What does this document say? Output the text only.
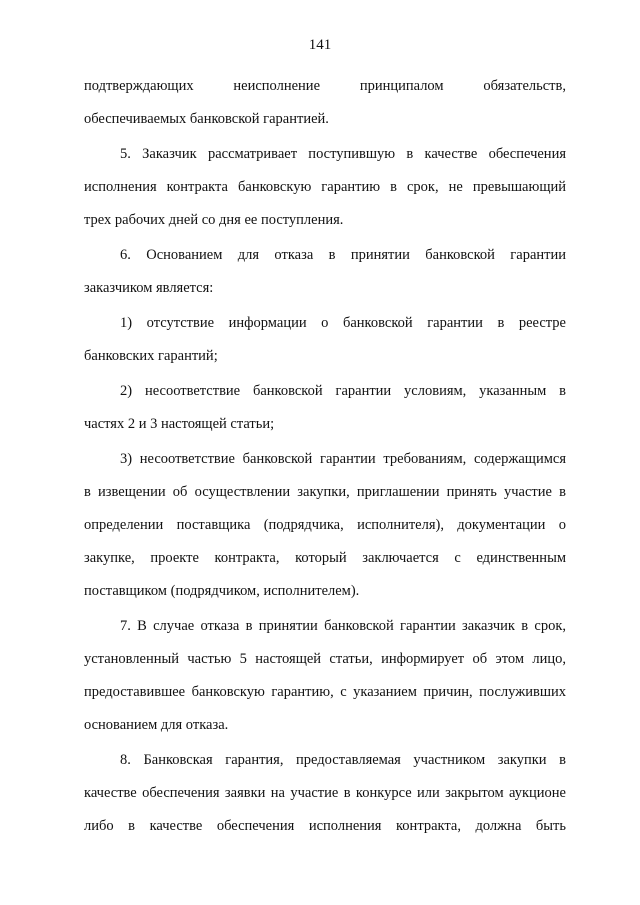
141
подтверждающих неисполнение принципалом обязательств,
обеспечиваемых банковской гарантией.
5. Заказчик рассматривает поступившую в качестве обеспечения
исполнения контракта банковскую гарантию в срок, не превышающий
трех рабочих дней со дня ее поступления.
6. Основанием для отказа в принятии банковской гарантии
заказчиком является:
1) отсутствие информации о банковской гарантии в реестре
банковских гарантий;
2) несоответствие банковской гарантии условиям, указанным в
частях 2 и 3 настоящей статьи;
3) несоответствие банковской гарантии требованиям, содержащимся
в извещении об осуществлении закупки, приглашении принять участие в
определении поставщика (подрядчика, исполнителя), документации о
закупке, проекте контракта, который заключается с единственным
поставщиком (подрядчиком, исполнителем).
7. В случае отказа в принятии банковской гарантии заказчик в срок,
установленный частью 5 настоящей статьи, информирует об этом лицо,
предоставившее банковскую гарантию, с указанием причин, послуживших
основанием для отказа.
8. Банковская гарантия, предоставляемая участником закупки в
качестве обеспечения заявки на участие в конкурсе или закрытом аукционе
либо в качестве обеспечения исполнения контракта, должна быть
